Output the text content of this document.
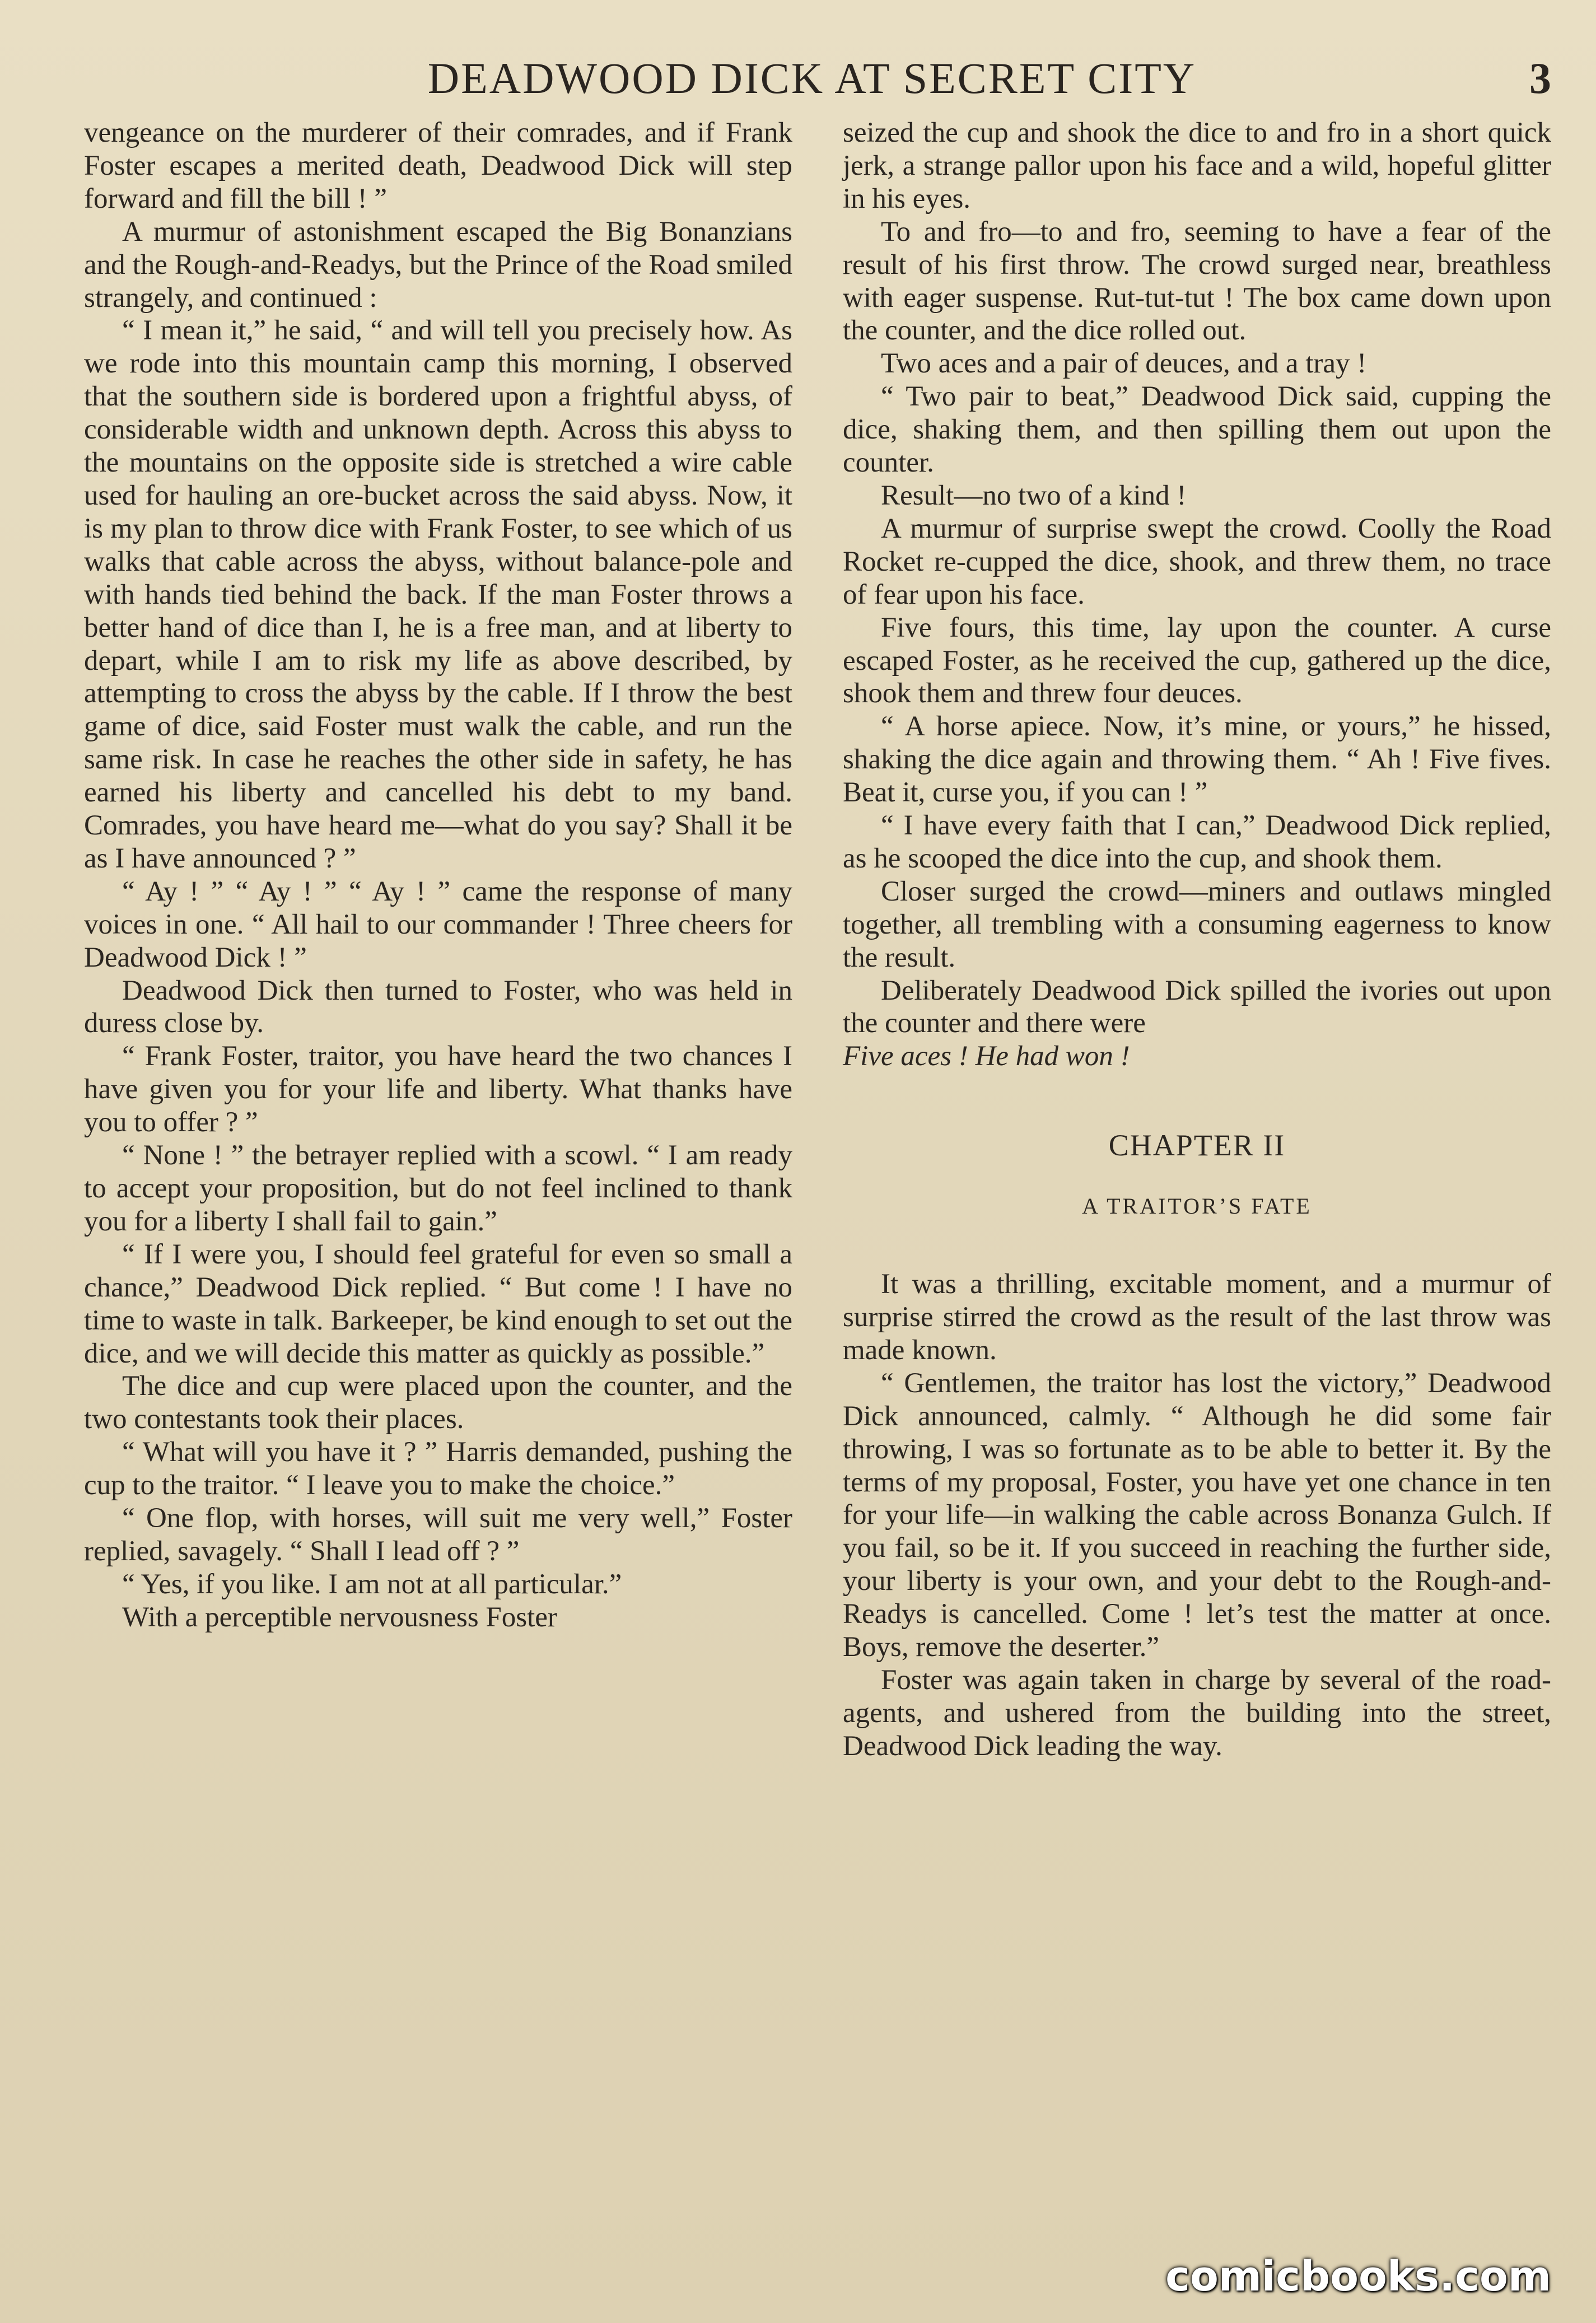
DEADWOOD DICK AT SECRET CITY	3

vengeance on the murderer of their comrades, and if Frank Foster escapes a merited death, Deadwood Dick will step forward and fill the bill ! ”

A murmur of astonishment escaped the Big Bonanzians and the Rough-and-Readys, but the Prince of the Road smiled strangely, and continued :

“ I mean it,” he said, “ and will tell you precisely how. As we rode into this mountain camp this morning, I observed that the southern side is bordered upon a frightful abyss, of considerable width and unknown depth. Across this abyss to the mountains on the opposite side is stretched a wire cable used for hauling an ore-bucket across the said abyss. Now, it is my plan to throw dice with Frank Foster, to see which of us walks that cable across the abyss, without balance-pole and with hands tied behind the back. If the man Foster throws a better hand of dice than I, he is a free man, and at liberty to depart, while I am to risk my life as above described, by attempting to cross the abyss by the cable. If I throw the best game of dice, said Foster must walk the cable, and run the same risk. In case he reaches the other side in safety, he has earned his liberty and cancelled his debt to my band. Comrades, you have heard me—what do you say? Shall it be as I have announced ? ”

“ Ay ! ” “ Ay ! ” “ Ay ! ” came the response of many voices in one. “ All hail to our commander ! Three cheers for Deadwood Dick ! ”

Deadwood Dick then turned to Foster, who was held in duress close by.

“ Frank Foster, traitor, you have heard the two chances I have given you for your life and liberty. What thanks have you to offer ? ”

“ None ! ” the betrayer replied with a scowl. “ I am ready to accept your proposition, but do not feel inclined to thank you for a liberty I shall fail to gain.”

“ If I were you, I should feel grateful for even so small a chance,” Deadwood Dick replied. “ But come ! I have no time to waste in talk. Barkeeper, be kind enough to set out the dice, and we will decide this matter as quickly as possible.”

The dice and cup were placed upon the counter, and the two contestants took their places.

“ What will you have it ? ” Harris demanded, pushing the cup to the traitor. “ I leave you to make the choice.”

“ One flop, with horses, will suit me very well,” Foster replied, savagely. “ Shall I lead off ? ”

“ Yes, if you like. I am not at all particular.”

With a perceptible nervousness Foster

seized the cup and shook the dice to and fro in a short quick jerk, a strange pallor upon his face and a wild, hopeful glitter in his eyes.

To and fro—to and fro, seeming to have a fear of the result of his first throw. The crowd surged near, breathless with eager suspense. Rut-tut-tut ! The box came down upon the counter, and the dice rolled out.

Two aces and a pair of deuces, and a tray !

“ Two pair to beat,” Deadwood Dick said, cupping the dice, shaking them, and then spilling them out upon the counter.

Result—no two of a kind !

A murmur of surprise swept the crowd. Coolly the Road Rocket re-cupped the dice, shook, and threw them, no trace of fear upon his face.

Five fours, this time, lay upon the counter. A curse escaped Foster, as he received the cup, gathered up the dice, shook them and threw four deuces.

“ A horse apiece. Now, it’s mine, or yours,” he hissed, shaking the dice again and throwing them. “ Ah ! Five fives. Beat it, curse you, if you can ! ”

“ I have every faith that I can,” Deadwood Dick replied, as he scooped the dice into the cup, and shook them.

Closer surged the crowd—miners and outlaws mingled together, all trembling with a consuming eagerness to know the result.

Deliberately Deadwood Dick spilled the ivories out upon the counter and there were

Five aces ! He had won !

CHAPTER II
A TRAITOR’S FATE

It was a thrilling, excitable moment, and a murmur of surprise stirred the crowd as the result of the last throw was made known.

“ Gentlemen, the traitor has lost the victory,” Deadwood Dick announced, calmly. “ Although he did some fair throwing, I was so fortunate as to be able to better it. By the terms of my proposal, Foster, you have yet one chance in ten for your life—in walking the cable across Bonanza Gulch. If you fail, so be it. If you succeed in reaching the further side, your liberty is your own, and your debt to the Rough-and-Readys is cancelled. Come ! let’s test the matter at once. Boys, remove the deserter.”

Foster was again taken in charge by several of the road-agents, and ushered from the building into the street, Deadwood Dick leading the way.

comicbooks.com
